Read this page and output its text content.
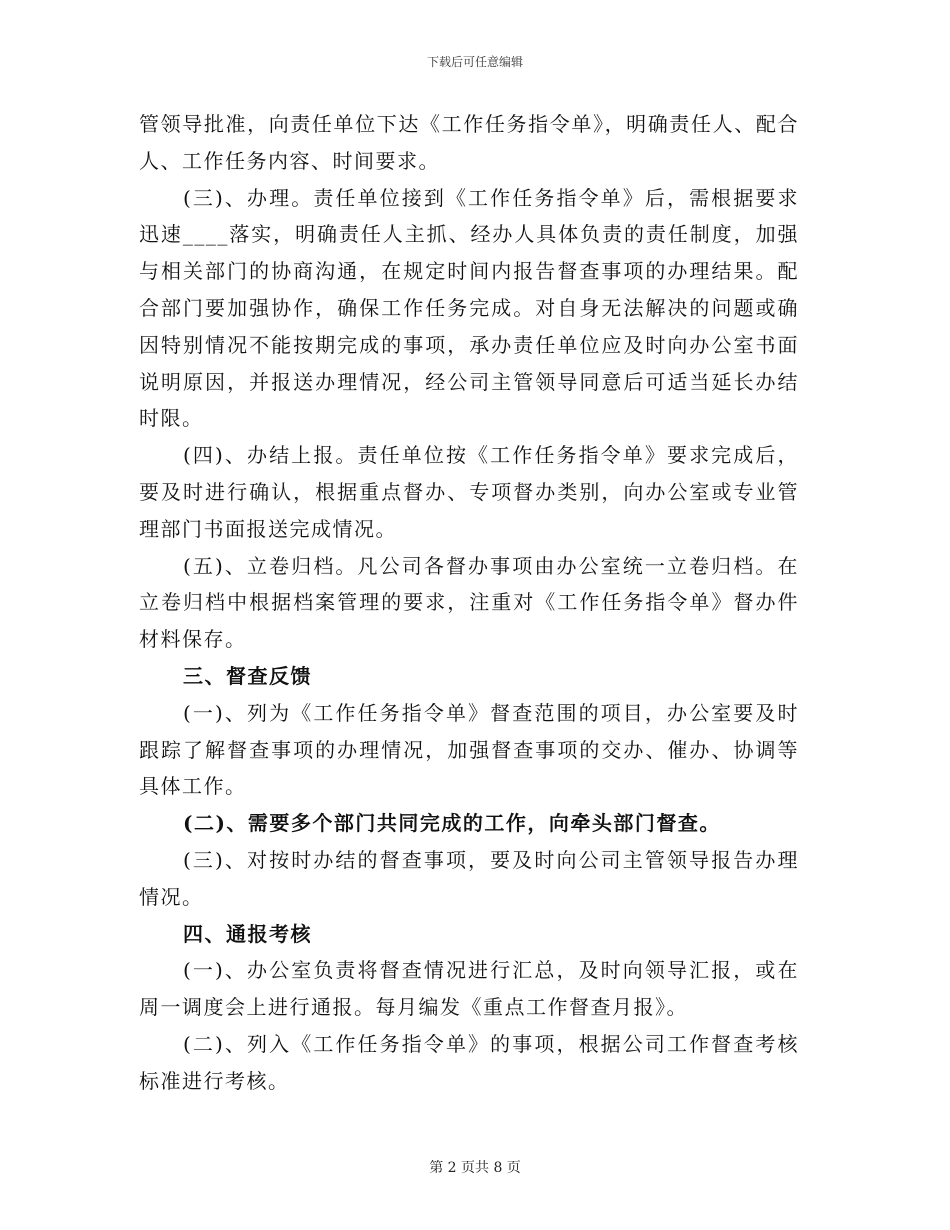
下载后可任意编辑

管领导批准，向责任单位下达《工作任务指令单》，明确责任人、配合人、工作任务内容、时间要求。

(三)、办理。责任单位接到《工作任务指令单》后，需根据要求迅速____落实，明确责任人主抓、经办人具体负责的责任制度，加强与相关部门的协商沟通，在规定时间内报告督查事项的办理结果。配合部门要加强协作，确保工作任务完成。对自身无法解决的问题或确因特别情况不能按期完成的事项，承办责任单位应及时向办公室书面说明原因，并报送办理情况，经公司主管领导同意后可适当延长办结时限。

(四)、办结上报。责任单位按《工作任务指令单》要求完成后，要及时进行确认，根据重点督办、专项督办类别，向办公室或专业管理部门书面报送完成情况。

(五)、立卷归档。凡公司各督办事项由办公室统一立卷归档。在立卷归档中根据档案管理的要求，注重对《工作任务指令单》督办件材料保存。

三、督查反馈

(一)、列为《工作任务指令单》督查范围的项目，办公室要及时跟踪了解督查事项的办理情况，加强督查事项的交办、催办、协调等具体工作。

(二)、需要多个部门共同完成的工作，向牵头部门督查。

(三)、对按时办结的督查事项，要及时向公司主管领导报告办理情况。

四、通报考核

(一)、办公室负责将督查情况进行汇总，及时向领导汇报，或在周一调度会上进行通报。每月编发《重点工作督查月报》。

(二)、列入《工作任务指令单》的事项，根据公司工作督查考核标准进行考核。

第 2 页共 8 页
